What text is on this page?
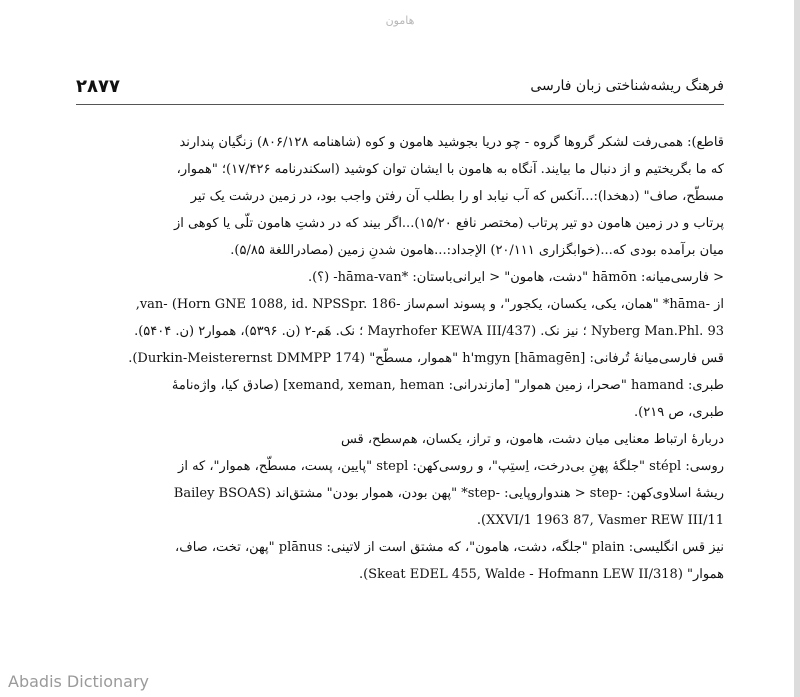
هامون
۲۸۷۷	فرهنگ ریشه‌شناختی زبان فارسی
قاطع): همی‌رفت لشکر گروها گروه - چو دریا بجوشید هامون و کوه (شاهنامه ۸۰۶/۱۲۸) زنگیان پندارند
که ما بگریختیم و از دنبال ما بیایند. آنگاه به هامون با ایشان توان کوشید (اسکندرنامه ۱۷/۴۲۶)؛ "هموار،
مسطّح، صاف" (دهخدا):...آنکس که آب نیابد او را بطلب آن رفتن واجب بود، در زمین درشت یک تیر
پرتاب و در زمین هامون دو تیر پرتاب (مختصر نافع ۱۵/۲۰)...اگر بیند که در دشتِ هامون تلّی یا کوهی از
میان برآمده بودی که...(خوابگزاری ۲۰/۱۱۱) الإجداد:...هامون شدنِ زمین (مصادراللغة ۵/۸۵).
< فارسی‌میانه: hāmōn "دشت، هامون" < ایرانی‌باستان: *hāma-van- (؟).
از -hāma* "همان، یکی، یکسان، یکجور"، و پسوند اسم‌ساز -van- (Horn GNE 1088, id. NPSSpr. 186,
Nyberg Man.Phl. 93 ؛ نیز نک. (Mayrhofer KEWA III/437 ؛ نک. هَم-۲ (ن. ۵۳۹۶)، هموار۲ (ن. ۵۴۰۴).
قس فارسی‌میانه‌ٔ تُرفانی: h'mgyn [hāmagēn] "هموار، مسطّح" (Durkin-Meisterernst DMMPP 174).
طبری: hamand "صحرا، زمین هموار" [مازندرانی: xemand, xeman, heman] (صادق کیا، واژه‌نامهٔ
طبری، ص ۲۱۹).
دربارهٔ ارتباط معنایی میان دشت، هامون، و تراز، یکسان، هم‌سطح، قس
روسی: stépl "جلگهٔ پهنِ بی‌درخت، اِستِپ"، و روسی‌کهن: stepl "پایین، پست، مسطّح، هموار"، که از
ریشهٔ اسلاوی‌کهن: -step < هندواروپایی: -step* "پهن بودن، هموار بودن" مشتق‌اند (Bailey BSOAS
XXVI/1 1963 87, Vasmer REW III/11).
نیز قس انگلیسی: plain "جلگه، دشت، هامون"، که مشتق است از لاتینی: plānus "پهن، تخت، صاف،
هموار" (Skeat EDEL 455, Walde - Hofmann LEW II/318).
Abadis Dictionary
